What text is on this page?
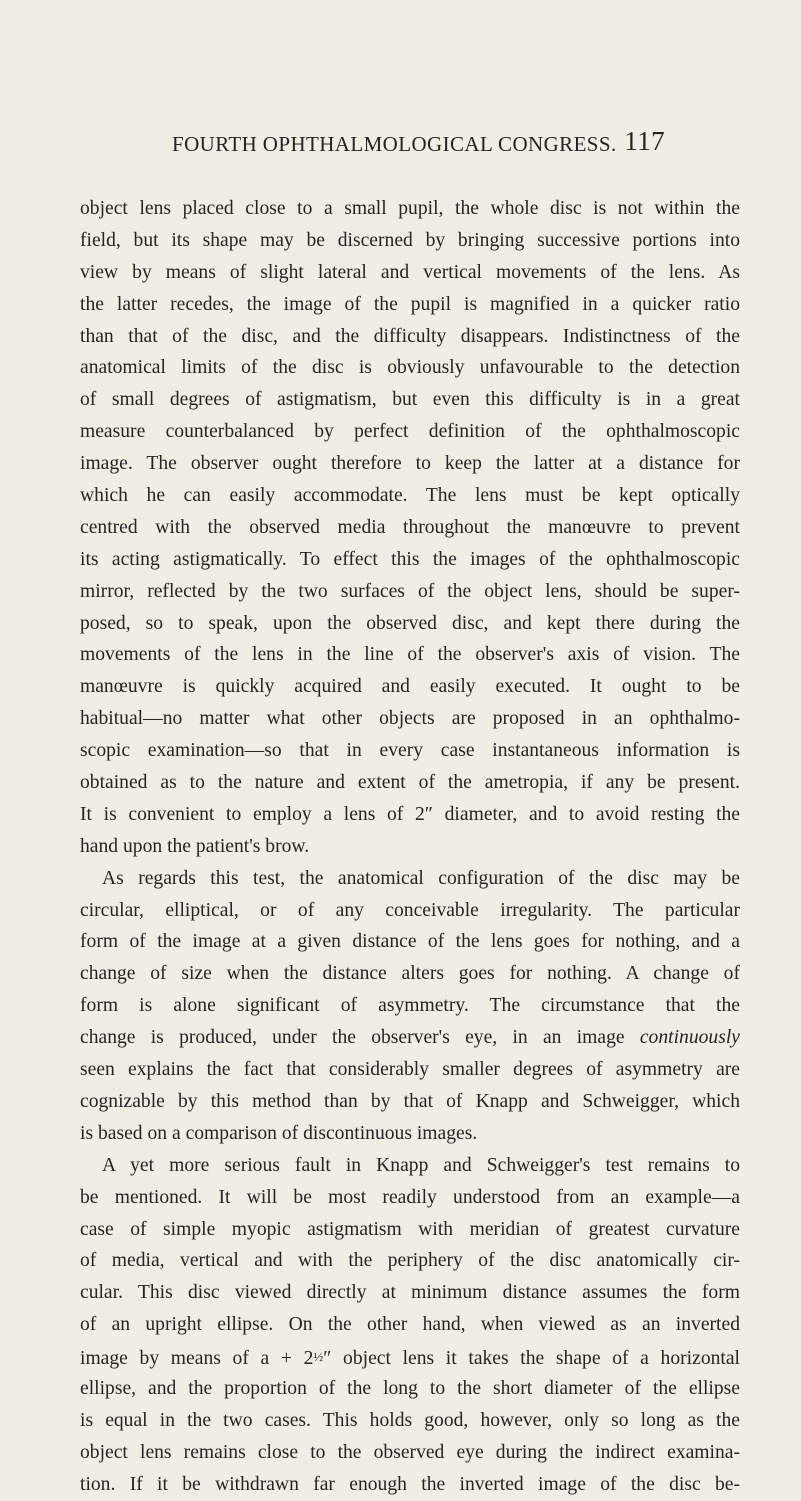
FOURTH OPHTHALMOLOGICAL CONGRESS. 117
object lens placed close to a small pupil, the whole disc is not within the
field, but its shape may be discerned by bringing successive portions into
view by means of slight lateral and vertical movements of the lens. As
the latter recedes, the image of the pupil is magnified in a quicker ratio
than that of the disc, and the difficulty disappears. Indistinctness of the
anatomical limits of the disc is obviously unfavourable to the detection
of small degrees of astigmatism, but even this difficulty is in a great
measure counterbalanced by perfect definition of the ophthalmoscopic
image. The observer ought therefore to keep the latter at a distance for
which he can easily accommodate. The lens must be kept optically
centred with the observed media throughout the manœuvre to prevent
its acting astigmatically. To effect this the images of the ophthalmoscopic
mirror, reflected by the two surfaces of the object lens, should be super-
posed, so to speak, upon the observed disc, and kept there during the
movements of the lens in the line of the observer's axis of vision. The
manœuvre is quickly acquired and easily executed. It ought to be
habitual—no matter what other objects are proposed in an ophthalmo-
scopic examination—so that in every case instantaneous information is
obtained as to the nature and extent of the ametropia, if any be present.
It is convenient to employ a lens of 2″ diameter, and to avoid resting the
hand upon the patient's brow.
As regards this test, the anatomical configuration of the disc may be
circular, elliptical, or of any conceivable irregularity. The particular
form of the image at a given distance of the lens goes for nothing, and a
change of size when the distance alters goes for nothing. A change of
form is alone significant of asymmetry. The circumstance that the
change is produced, under the observer's eye, in an image continuously
seen explains the fact that considerably smaller degrees of asymmetry are
cognizable by this method than by that of Knapp and Schweigger, which
is based on a comparison of discontinuous images.
A yet more serious fault in Knapp and Schweigger's test remains to
be mentioned. It will be most readily understood from an example—a
case of simple myopic astigmatism with meridian of greatest curvature
of media, vertical and with the periphery of the disc anatomically cir-
cular. This disc viewed directly at minimum distance assumes the form
of an upright ellipse. On the other hand, when viewed as an inverted
image by means of a + 2½″ object lens it takes the shape of a horizontal
ellipse, and the proportion of the long to the short diameter of the ellipse
is equal in the two cases. This holds good, however, only so long as the
object lens remains close to the observed eye during the indirect examina-
tion. If it be withdrawn far enough the inverted image of the disc be-
